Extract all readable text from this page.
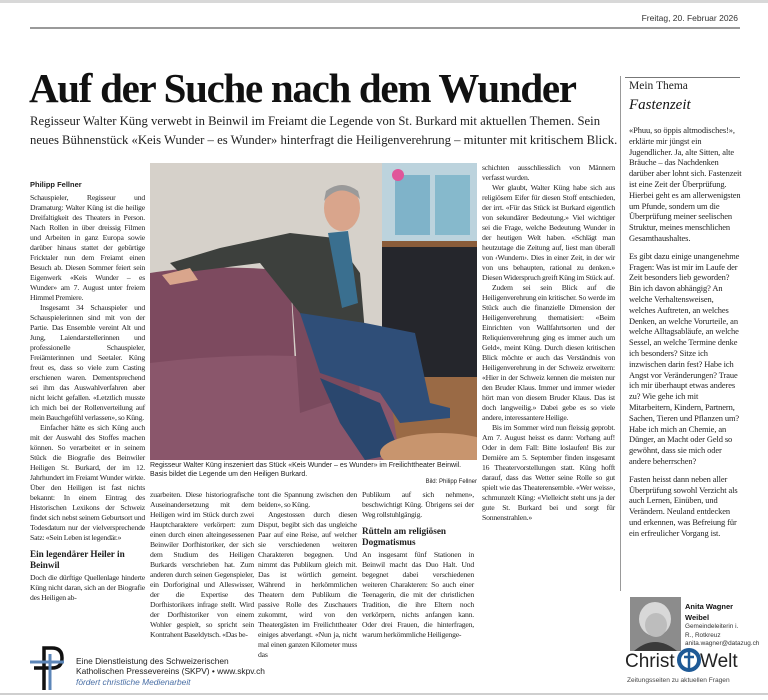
Freitag, 20. Februar 2026
Auf der Suche nach dem Wunder
Regisseur Walter Küng verwebt in Beinwil im Freiamt die Legende von St. Burkard mit aktuellen Themen. Sein neues Bühnenstück «Keis Wunder – es Wunder» hinterfragt die Heiligenverehrung – mitunter mit kritischem Blick.
Philipp Fellner

Schauspieler, Regisseur und Dramaturg: Walter Küng ist die heilige Dreifaltigkeit des Theaters in Person. Nach Rollen in über dreissig Filmen und Arbeiten in ganz Europa sowie darüber hinaus stattet der gebürtige Fricktaler nun dem Freiamt einen Besuch ab. Diesen Sommer feiert sein Eigenwerk «Keis Wunder – es Wunder» am 7. August unter freiem Himmel Premiere.

Insgesamt 34 Schauspieler und Schauspielerinnen sind mit von der Partie. Das Ensemble vereint Alt und Jung, Laiendarstellerinnen und professionelle Schauspieler, Freiämterinnen und Seetaler. Küng freut es, dass so viele zum Casting erschienen waren. Dementsprechend sei ihm das Auswahlverfahren aber nicht leicht gefallen. «Letztlich musste ich mich bei der Rollenverteilung auf mein Bauchgefühl verlassen», so Küng.

Einfacher hätte es sich Küng auch mit der Auswahl des Stoffes machen können. So verarbeitet er in seinem Stück die Biografie des Beinwiler Heiligen St. Burkard, der im 12. Jahrhundert im Freiamt Wunder wirkte. Über den Heiligen ist fast nichts bekannt: In einem Eintrag des Historischen Lexikons der Schweiz findet sich nebst seinem Geburtsort und Todesdatum nur der vielversprechende Satz: «Sein Leben ist legendär.»

Ein legendärer Heiler in Beinwil

Doch die dürftige Quellenlage hinderte Küng nicht daran, sich an der Biografie des Heiligen ab-

Regisseur Walter Küng inszeniert das Stück «Keis Wunder – es Wunder» im Freilichttheater Beinwil. Basis bildet die Legende um den Heiligen Burkard.
Bild: Philipp Fellner

zuarbeiten. Diese historiografische Auseinandersetzung mit dem Heiligen wird im Stück durch zwei Hauptcharaktere verkörpert: zum einen durch einen alteingesessenen Beinwiler Dorfhistoriker, der sich dem Studium des Heiligen Burkards verschrieben hat. Zum anderen durch seinen Gegenspieler, ein Dorforiginal und Alleswisser, der die Expertise des Dorfhistorikers infrage stellt. Wird der Dorfhistoriker von einem Wohler gespielt, so spricht sein Kontrahent Baseldytsch. «Das be-

tont die Spannung zwischen den beiden», so Küng.

Angestossen durch diesen Disput, begibt sich das ungleiche Paar auf eine Reise, auf welcher sie verschiedenen weiteren Charakteren begegnen. Und nimmt das Publikum gleich mit. Das ist wörtlich gemeint. Während in herkömmlichen Theatern dem Publikum die passive Rolle des Zuschauers zukommt, wird von den Theatergästen im Freilichttheater einiges abverlangt. «Nun ja, nicht mal einen ganzen Kilometer muss das

Publikum auf sich nehmen», beschwichtigt Küng. Übrigens sei der Weg rollstuhlgängig.

Rütteln am religiösen Dogmatismus

An insgesamt fünf Stationen in Beinwil macht das Duo Halt. Und begegnet dabei verschiedenen weiteren Charakteren: So auch einer Teenagerin, die mit der christlichen Tradition, die ihre Eltern noch verkörpern, nichts anfangen kann. Oder drei Frauen, die hinterfragen, warum herkömmliche Heiligenge-

schichten ausschliesslich von Männern verfasst wurden.

Wer glaubt, Walter Küng habe sich aus religiösem Eifer für diesen Stoff entschieden, der irrt. «Für das Stück ist Burkard eigentlich von sekundärer Bedeutung.» Viel wichtiger sei die Frage, welche Bedeutung Wunder in der heutigen Welt haben. «Schlägt man heutzutage die Zeitung auf, liest man überall von ‹Wundern›. Dies in einer Zeit, in der wir von uns behaupten, rational zu denken.» Diesen Widerspruch greift Küng im Stück auf.

Zudem sei sein Blick auf die Heiligenverehrung ein kritischer. So werde im Stück auch die finanzielle Dimension der Heiligenverehrung thematisiert: «Beim Einrichten von Wallfahrtsorten und der Reliquienverehrung ging es immer auch um Geld», meint Küng. Durch diesen kritischen Blick möchte er auch das Verständnis von Heiligenverehrung in der Schweiz erweitern: «Hier in der Schweiz kennen die meisten nur den Bruder Klaus. Immer und immer wieder hört man von diesem Bruder Klaus. Das ist doch langweilig.» Dabei gebe es so viele andere, interessantere Heilige.

Bis im Sommer wird nun fleissig geprobt. Am 7. August heisst es dann: Vorhang auf! Oder in dem Fall: Bitte loslaufen! Bis zur Dernière am 5. September finden insgesamt 16 Theatervorstellungen statt. Küng hofft darauf, dass das Wetter seine Rolle so gut spielt wie das Theaterensemble. «Wer weiss», schmunzelt Küng: «Vielleicht steht uns ja der gute St. Burkard bei und sorgt für Sonnenstrahlen.»

Mein Thema
Fastenzeit

«Phuu, so öppis altmodisches!», erklärte mir jüngst ein Jugendlicher. Ja, alte Sitten, alte Bräuche – das Nachdenken darüber aber lohnt sich. Fastenzeit ist eine Zeit der Überprüfung. Hierbei geht es am allerwenigsten um Pfunde, sondern um die Überprüfung meiner seelischen Struktur, meines menschlichen Gesamthaushaltes.

Es gibt dazu einige unangenehme Fragen: Was ist mir im Laufe der Zeit besonders lieb geworden? Bin ich davon abhängig? An welche Verhaltensweisen, welches Auftreten, an welches Denken, an welche Vorurteile, an welche Alltagsabläufe, an welche Sessel, an welche Termine denke ich besonders? Sitze ich inzwischen darin fest? Habe ich Angst vor Veränderungen? Traue ich mir überhaupt etwas anderes zu? Wie gehe ich mit Mitarbeitern, Kindern, Partnern, Sachen, Tieren und Pflanzen um? Habe ich mich an Chemie, an Dünger, an Macht oder Geld so gewöhnt, dass sie mich oder andere beherrschen?

Fasten heisst dann neben aller Überprüfung sowohl Verzicht als auch Lernen, Einüben, und Verändern. Neuland entdecken und erkennen, was Befreiung für ein erfreulicher Vorgang ist.

Anita Wagner Weibel
Gemeindeleiterin i. R., Rotkreuz
anita.wagner@datazug.ch
Eine Dienstleistung des Schweizerischen
Katholischen Pressevereins (SKPV) • www.skpv.ch
fördert christliche Medienarbeit
Christ Welt
Zeitungsseiten zu aktuellen Fragen
